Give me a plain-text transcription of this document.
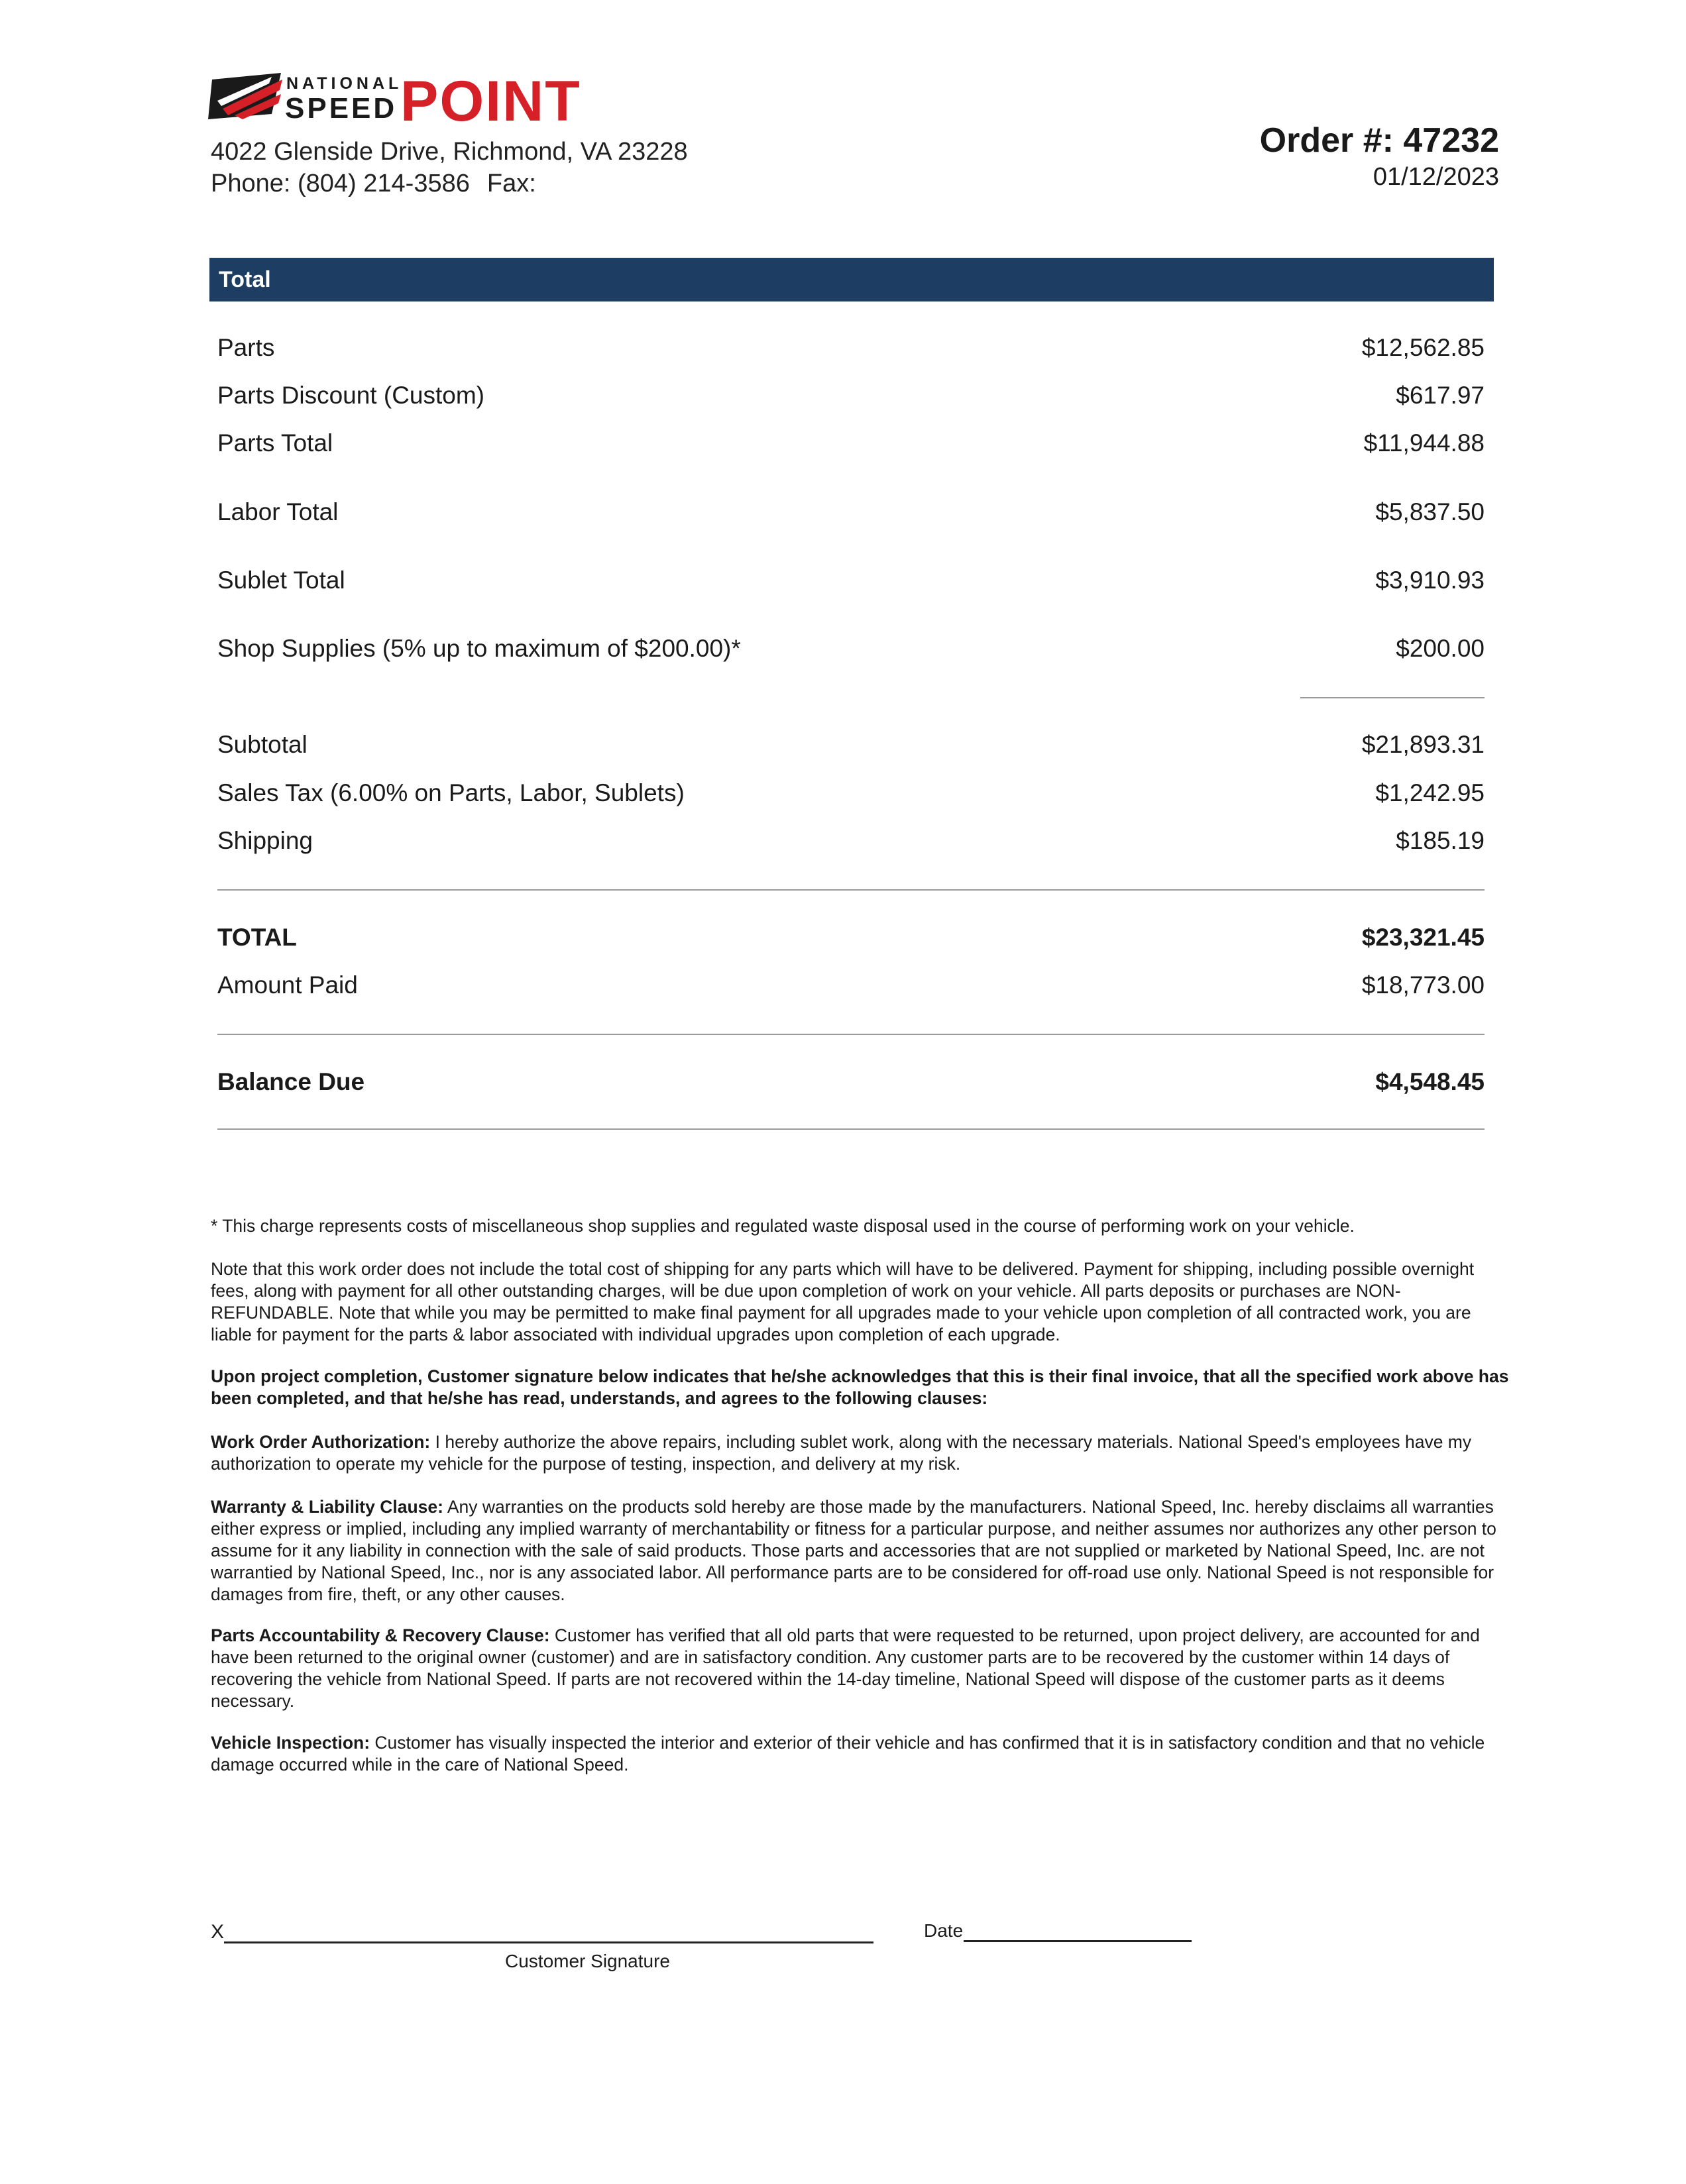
NATIONAL
SPEED POINT
4022 Glenside Drive, Richmond, VA 23228
Phone: (804) 214-3586 Fax:
Order #: 47232
01/12/2023
Total
Parts	$12,562.85
Parts Discount (Custom)	$617.97
Parts Total	$11,944.88
Labor Total	$5,837.50
Sublet Total	$3,910.93
Shop Supplies (5% up to maximum of $200.00)*	$200.00
Subtotal	$21,893.31
Sales Tax (6.00% on Parts, Labor, Sublets)	$1,242.95
Shipping	$185.19
TOTAL	$23,321.45
Amount Paid	$18,773.00
Balance Due	$4,548.45
* This charge represents costs of miscellaneous shop supplies and regulated waste disposal used in the course of performing work on your vehicle.
Note that this work order does not include the total cost of shipping for any parts which will have to be delivered. Payment for shipping, including possible overnight fees, along with payment for all other outstanding charges, will be due upon completion of work on your vehicle. All parts deposits or purchases are NON-REFUNDABLE. Note that while you may be permitted to make final payment for all upgrades made to your vehicle upon completion of all contracted work, you are liable for payment for the parts & labor associated with individual upgrades upon completion of each upgrade.
Upon project completion, Customer signature below indicates that he/she acknowledges that this is their final invoice, that all the specified work above has been completed, and that he/she has read, understands, and agrees to the following clauses:
Work Order Authorization: I hereby authorize the above repairs, including sublet work, along with the necessary materials. National Speed's employees have my authorization to operate my vehicle for the purpose of testing, inspection, and delivery at my risk.
Warranty & Liability Clause: Any warranties on the products sold hereby are those made by the manufacturers. National Speed, Inc. hereby disclaims all warranties either express or implied, including any implied warranty of merchantability or fitness for a particular purpose, and neither assumes nor authorizes any other person to assume for it any liability in connection with the sale of said products. Those parts and accessories that are not supplied or marketed by National Speed, Inc. are not warrantied by National Speed, Inc., nor is any associated labor. All performance parts are to be considered for off-road use only. National Speed is not responsible for damages from fire, theft, or any other causes.
Parts Accountability & Recovery Clause: Customer has verified that all old parts that were requested to be returned, upon project delivery, are accounted for and have been returned to the original owner (customer) and are in satisfactory condition. Any customer parts are to be recovered by the customer within 14 days of recovering the vehicle from National Speed. If parts are not recovered within the 14-day timeline, National Speed will dispose of the customer parts as it deems necessary.
Vehicle Inspection: Customer has visually inspected the interior and exterior of their vehicle and has confirmed that it is in satisfactory condition and that no vehicle damage occurred while in the care of National Speed.
X
Customer Signature
Date
